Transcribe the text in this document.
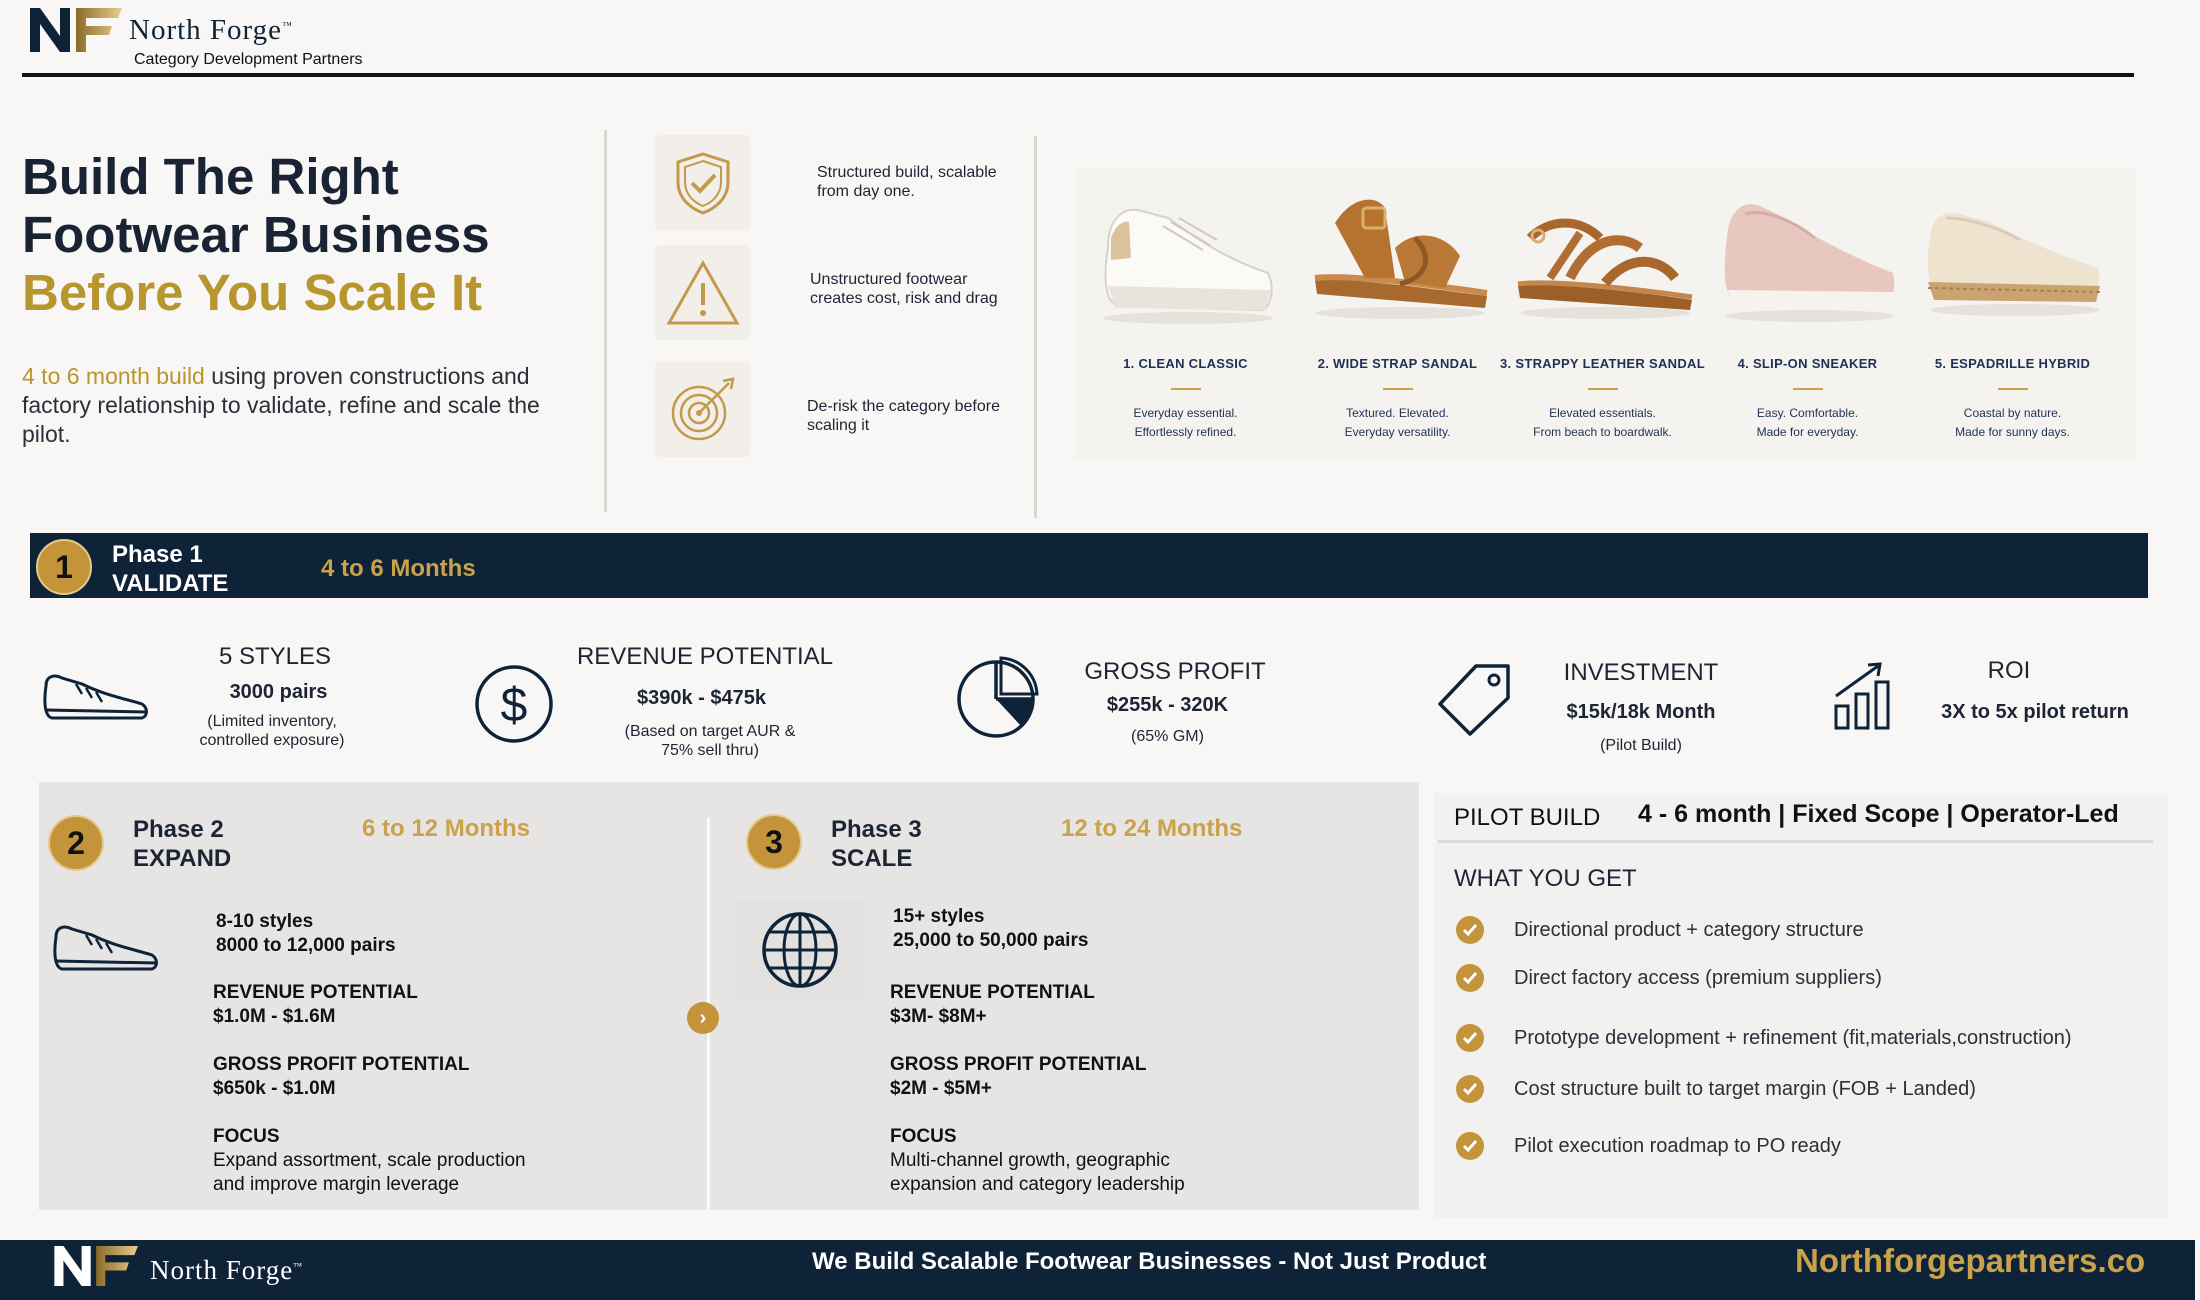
North Forge™
Category Development Partners
Build The Right
Footwear Business
Before You Scale It
4 to 6 month build using proven constructions and factory relationship to validate, refine and scale the pilot.
Structured build, scalable from day one.
Unstructured footwear creates cost, risk and drag
De-risk the category before scaling it
1. CLEAN CLASSIC
Everyday essential.
Effortlessly refined.
2. WIDE STRAP SANDAL
Textured. Elevated.
Everyday versatility.
3. STRAPPY LEATHER SANDAL
Elevated essentials.
From beach to boardwalk.
4. SLIP-ON SNEAKER
Easy. Comfortable.
Made for everyday.
5. ESPADRILLE HYBRID
Coastal by nature.
Made for sunny days.
1	Phase 1
VALIDATE
4 to 6 Months
5 STYLES
3000 pairs
(Limited inventory,
controlled exposure)
$
REVENUE POTENTIAL
$390k - $475k
(Based on target AUR &
75% sell thru)
GROSS PROFIT
$255k - 320K
(65% GM)
INVESTMENT
$15k/18k Month
(Pilot Build)
ROI
3X to 5x pilot return
›
2	Phase 2
EXPAND
6 to 12 Months
8-10 styles
8000 to 12,000 pairs
REVENUE POTENTIAL
$1.0M - $1.6M
GROSS PROFIT POTENTIAL
$650k - $1.0M
FOCUS
Expand assortment, scale production
and improve margin leverage
3	Phase 3
SCALE
12 to 24 Months
15+ styles
25,000 to 50,000 pairs
REVENUE POTENTIAL
$3M- $8M+
GROSS PROFIT POTENTIAL
$2M - $5M+
FOCUS
Multi-channel growth, geographic
expansion and category leadership
PILOT BUILD 4 - 6 month | Fixed Scope | Operator-Led
WHAT YOU GET
Directional product + category structure
Direct factory access (premium suppliers)
Prototype development + refinement (fit,materials,construction)
Cost structure built to target margin (FOB + Landed)
Pilot execution roadmap to PO ready
North Forge™	We Build Scalable Footwear Businesses - Not Just Product	Northforgepartners.co
